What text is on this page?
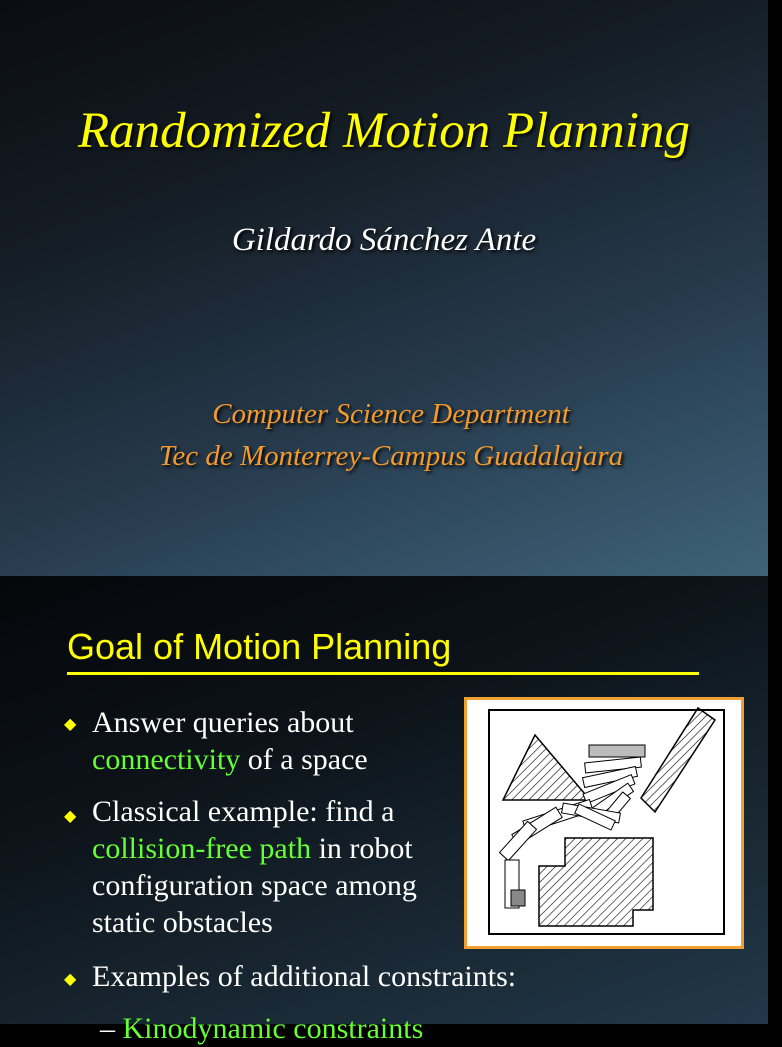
Randomized Motion Planning
Gildardo Sánchez Ante
Computer Science Department
Tec de Monterrey-Campus Guadalajara
Goal of Motion Planning
◆ Answer queries about connectivity of a space
◆ Classical example: find a collision-free path in robot configuration space among static obstacles
◆ Examples of additional constraints:
– Kinodynamic constraints
